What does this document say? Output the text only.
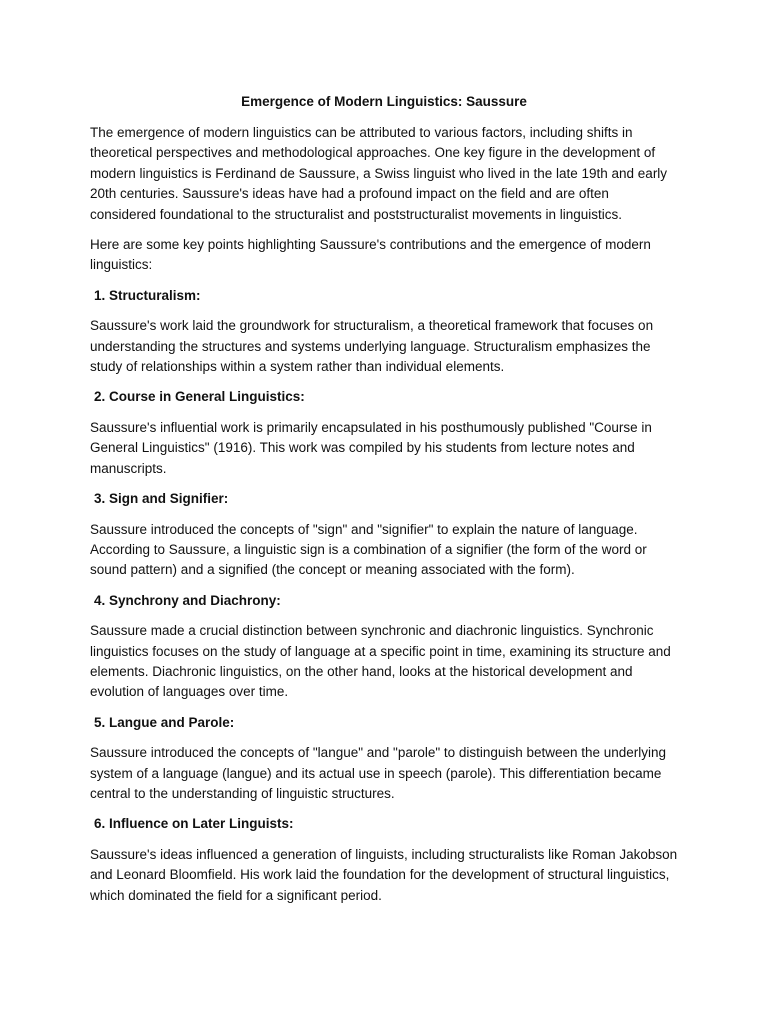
Emergence of Modern Linguistics: Saussure

The emergence of modern linguistics can be attributed to various factors, including shifts in theoretical perspectives and methodological approaches. One key figure in the development of modern linguistics is Ferdinand de Saussure, a Swiss linguist who lived in the late 19th and early 20th centuries. Saussure's ideas have had a profound impact on the field and are often considered foundational to the structuralist and poststructuralist movements in linguistics.

Here are some key points highlighting Saussure's contributions and the emergence of modern linguistics:

1. Structuralism:

Saussure's work laid the groundwork for structuralism, a theoretical framework that focuses on understanding the structures and systems underlying language. Structuralism emphasizes the study of relationships within a system rather than individual elements.

2. Course in General Linguistics:

Saussure's influential work is primarily encapsulated in his posthumously published "Course in General Linguistics" (1916). This work was compiled by his students from lecture notes and manuscripts.

3. Sign and Signifier:

Saussure introduced the concepts of "sign" and "signifier" to explain the nature of language. According to Saussure, a linguistic sign is a combination of a signifier (the form of the word or sound pattern) and a signified (the concept or meaning associated with the form).

4. Synchrony and Diachrony:

Saussure made a crucial distinction between synchronic and diachronic linguistics. Synchronic linguistics focuses on the study of language at a specific point in time, examining its structure and elements. Diachronic linguistics, on the other hand, looks at the historical development and evolution of languages over time.

5. Langue and Parole:

Saussure introduced the concepts of "langue" and "parole" to distinguish between the underlying system of a language (langue) and its actual use in speech (parole). This differentiation became central to the understanding of linguistic structures.

6. Influence on Later Linguists:

Saussure's ideas influenced a generation of linguists, including structuralists like Roman Jakobson and Leonard Bloomfield. His work laid the foundation for the development of structural linguistics, which dominated the field for a significant period.
